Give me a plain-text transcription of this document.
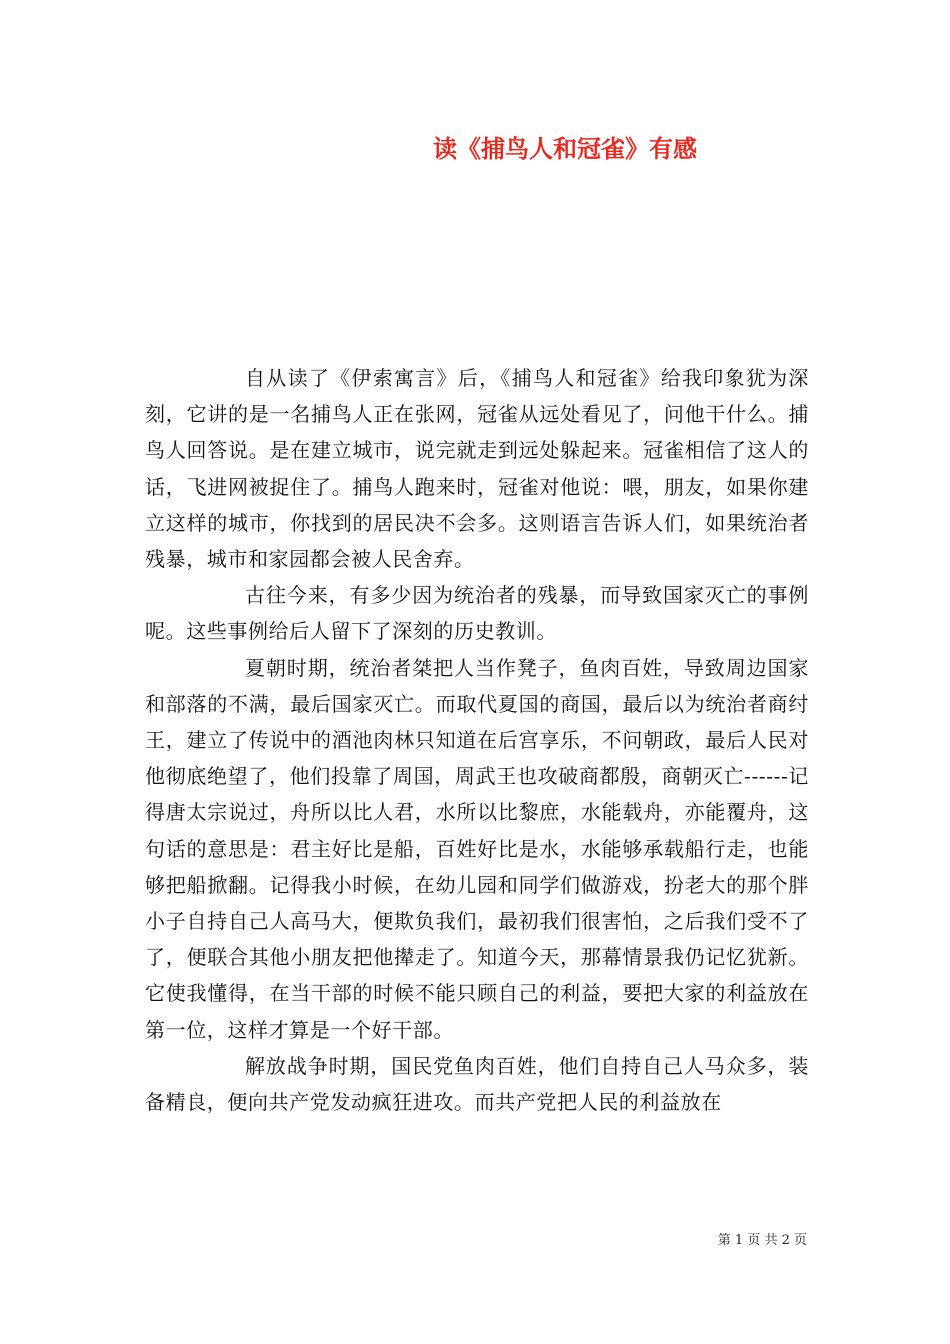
读《捕鸟人和冠雀》有感

自从读了《伊索寓言》后，《捕鸟人和冠雀》给我印象犹为深刻，它讲的是一名捕鸟人正在张网，冠雀从远处看见了，问他干什么。捕鸟人回答说。是在建立城市，说完就走到远处躲起来。冠雀相信了这人的话，飞进网被捉住了。捕鸟人跑来时，冠雀对他说：喂，朋友，如果你建立这样的城市，你找到的居民决不会多。这则语言告诉人们，如果统治者残暴，城市和家园都会被人民舍弃。

古往今来，有多少因为统治者的残暴，而导致国家灭亡的事例呢。这些事例给后人留下了深刻的历史教训。

夏朝时期，统治者桀把人当作凳子，鱼肉百姓，导致周边国家和部落的不满，最后国家灭亡。而取代夏国的商国，最后以为统治者商纣王，建立了传说中的酒池肉林只知道在后宫享乐，不问朝政，最后人民对他彻底绝望了，他们投靠了周国，周武王也攻破商都殷，商朝灭亡------记得唐太宗说过，舟所以比人君，水所以比黎庶，水能载舟，亦能覆舟，这句话的意思是：君主好比是船，百姓好比是水，水能够承载船行走，也能够把船掀翻。记得我小时候，在幼儿园和同学们做游戏，扮老大的那个胖小子自持自己人高马大，便欺负我们，最初我们很害怕，之后我们受不了了，便联合其他小朋友把他撵走了。知道今天，那幕情景我仍记忆犹新。它使我懂得，在当干部的时候不能只顾自己的利益，要把大家的利益放在第一位，这样才算是一个好干部。

解放战争时期，国民党鱼肉百姓，他们自持自己人马众多，装备精良，便向共产党发动疯狂进攻。而共产党把人民的利益放在

第 1 页 共 2 页
